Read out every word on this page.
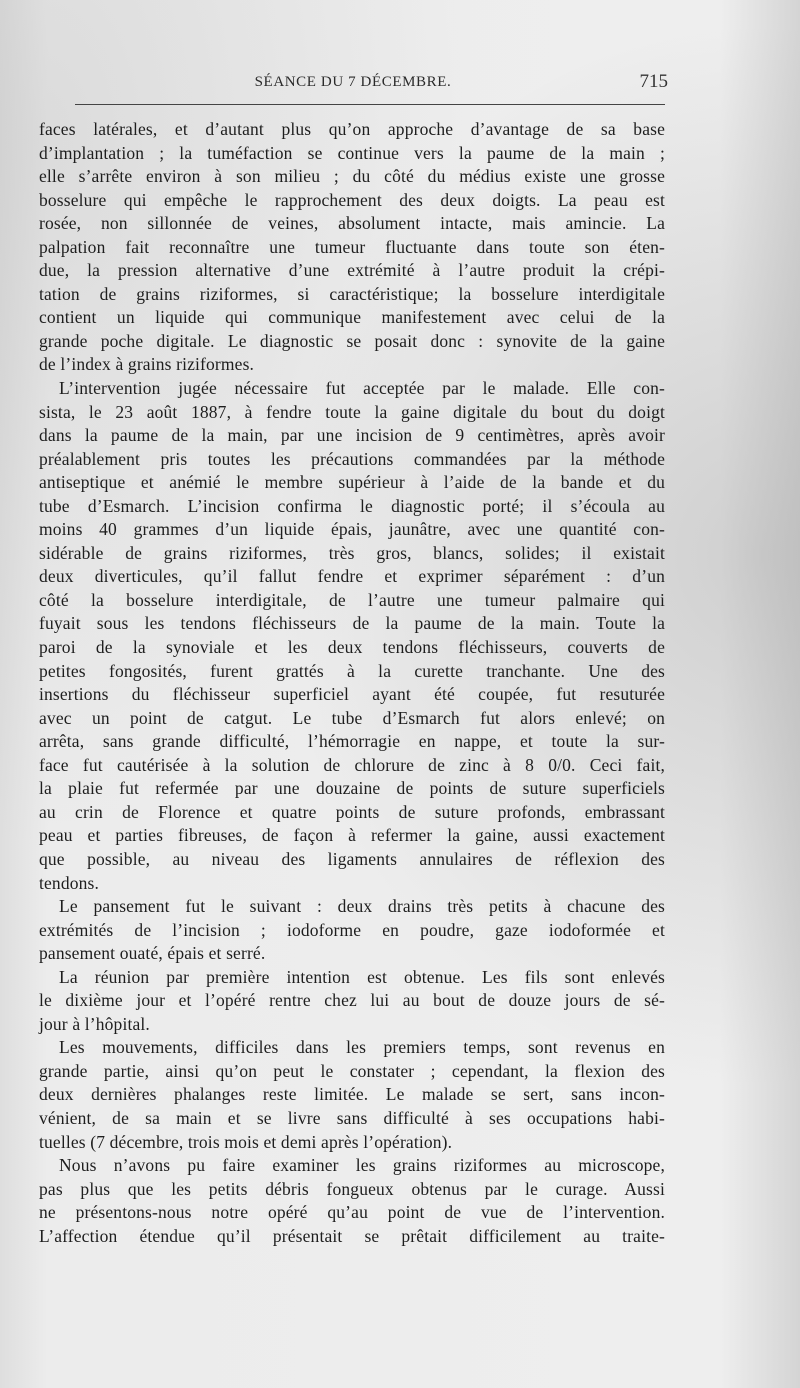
SÉANCE DU 7 DÉCEMBRE.	715
faces latérales, et d’autant plus qu’on approche d’avantage de sa base
d’implantation ; la tuméfaction se continue vers la paume de la main ;
elle s’arrête environ à son milieu ; du côté du médius existe une grosse
bosselure qui empêche le rapprochement des deux doigts. La peau est
rosée, non sillonnée de veines, absolument intacte, mais amincie. La
palpation fait reconnaître une tumeur fluctuante dans toute son éten-
due, la pression alternative d’une extrémité à l’autre produit la crépi-
tation de grains riziformes, si caractéristique; la bosselure interdigitale
contient un liquide qui communique manifestement avec celui de la
grande poche digitale. Le diagnostic se posait donc : synovite de la gaine
de l’index à grains riziformes.
L’intervention jugée nécessaire fut acceptée par le malade. Elle con-
sista, le 23 août 1887, à fendre toute la gaine digitale du bout du doigt
dans la paume de la main, par une incision de 9 centimètres, après avoir
préalablement pris toutes les précautions commandées par la méthode
antiseptique et anémié le membre supérieur à l’aide de la bande et du
tube d’Esmarch. L’incision confirma le diagnostic porté; il s’écoula au
moins 40 grammes d’un liquide épais, jaunâtre, avec une quantité con-
sidérable de grains riziformes, très gros, blancs, solides; il existait
deux diverticules, qu’il fallut fendre et exprimer séparément : d’un
côté la bosselure interdigitale, de l’autre une tumeur palmaire qui
fuyait sous les tendons fléchisseurs de la paume de la main. Toute la
paroi de la synoviale et les deux tendons fléchisseurs, couverts de
petites fongosités, furent grattés à la curette tranchante. Une des
insertions du fléchisseur superficiel ayant été coupée, fut resuturée
avec un point de catgut. Le tube d’Esmarch fut alors enlevé; on
arrêta, sans grande difficulté, l’hémorragie en nappe, et toute la sur-
face fut cautérisée à la solution de chlorure de zinc à 8 0/0. Ceci fait,
la plaie fut refermée par une douzaine de points de suture superficiels
au crin de Florence et quatre points de suture profonds, embrassant
peau et parties fibreuses, de façon à refermer la gaine, aussi exactement
que possible, au niveau des ligaments annulaires de réflexion des
tendons.
Le pansement fut le suivant : deux drains très petits à chacune des
extrémités de l’incision ; iodoforme en poudre, gaze iodoformée et
pansement ouaté, épais et serré.
La réunion par première intention est obtenue. Les fils sont enlevés
le dixième jour et l’opéré rentre chez lui au bout de douze jours de sé-
jour à l’hôpital.
Les mouvements, difficiles dans les premiers temps, sont revenus en
grande partie, ainsi qu’on peut le constater ; cependant, la flexion des
deux dernières phalanges reste limitée. Le malade se sert, sans incon-
vénient, de sa main et se livre sans difficulté à ses occupations habi-
tuelles (7 décembre, trois mois et demi après l’opération).
Nous n’avons pu faire examiner les grains riziformes au microscope,
pas plus que les petits débris fongueux obtenus par le curage. Aussi
ne présentons-nous notre opéré qu’au point de vue de l’intervention.
L’affection étendue qu’il présentait se prêtait difficilement au traite-
